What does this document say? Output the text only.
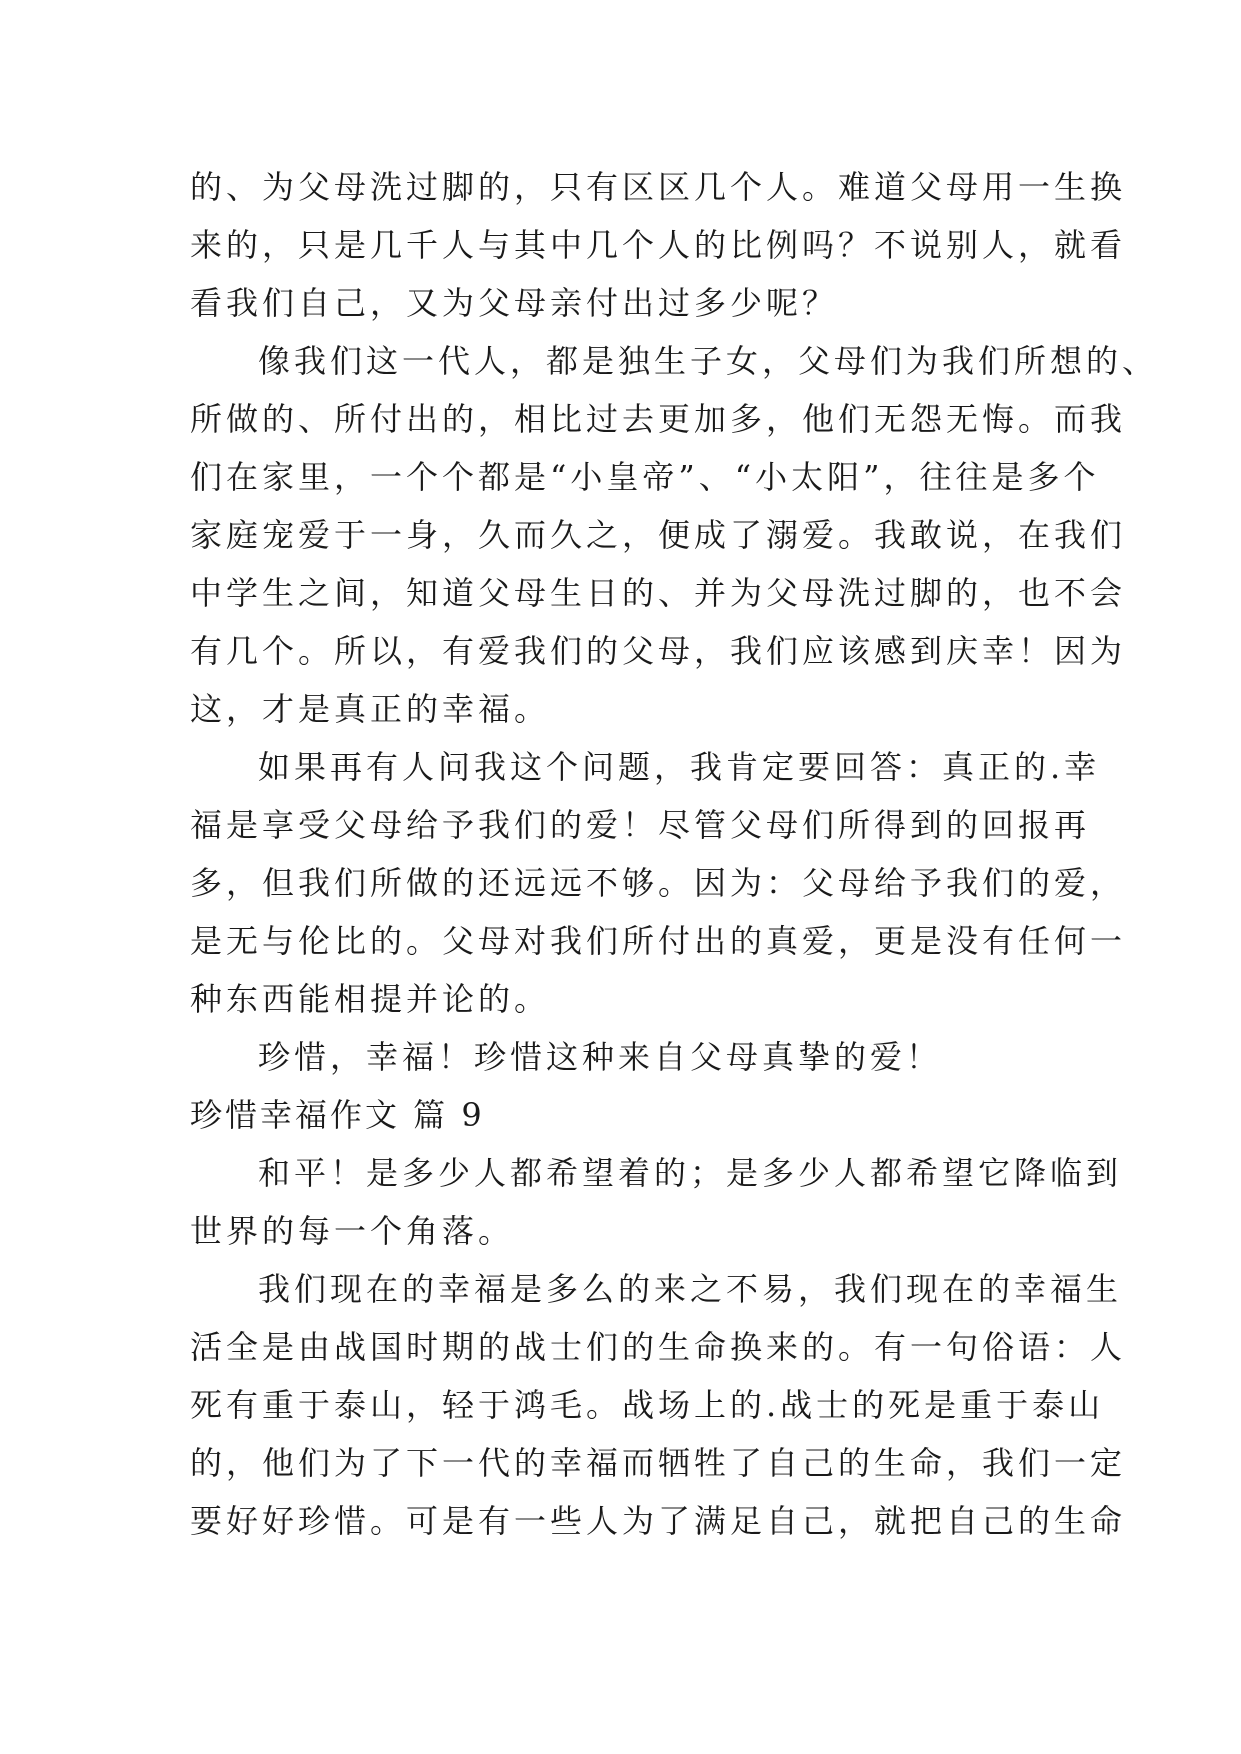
的、为父母洗过脚的，只有区区几个人。难道父母用一生换
来的，只是几千人与其中几个人的比例吗？不说别人，就看
看我们自己，又为父母亲付出过多少呢？
像我们这一代人，都是独生子女，父母们为我们所想的、
所做的、所付出的，相比过去更加多，他们无怨无悔。而我
们在家里，一个个都是“小皇帝”、“小太阳”，往往是多个
家庭宠爱于一身，久而久之，便成了溺爱。我敢说，在我们
中学生之间，知道父母生日的、并为父母洗过脚的，也不会
有几个。所以，有爱我们的父母，我们应该感到庆幸！因为
这，才是真正的幸福。
如果再有人问我这个问题，我肯定要回答：真正的.幸
福是享受父母给予我们的爱！尽管父母们所得到的回报再
多，但我们所做的还远远不够。因为：父母给予我们的爱，
是无与伦比的。父母对我们所付出的真爱，更是没有任何一
种东西能相提并论的。
珍惜，幸福！珍惜这种来自父母真挚的爱！
珍惜幸福作文 篇 9
和平！是多少人都希望着的；是多少人都希望它降临到
世界的每一个角落。
我们现在的幸福是多么的来之不易，我们现在的幸福生
活全是由战国时期的战士们的生命换来的。有一句俗语：人
死有重于泰山，轻于鸿毛。战场上的.战士的死是重于泰山
的，他们为了下一代的幸福而牺牲了自己的生命，我们一定
要好好珍惜。可是有一些人为了满足自己，就把自己的生命
